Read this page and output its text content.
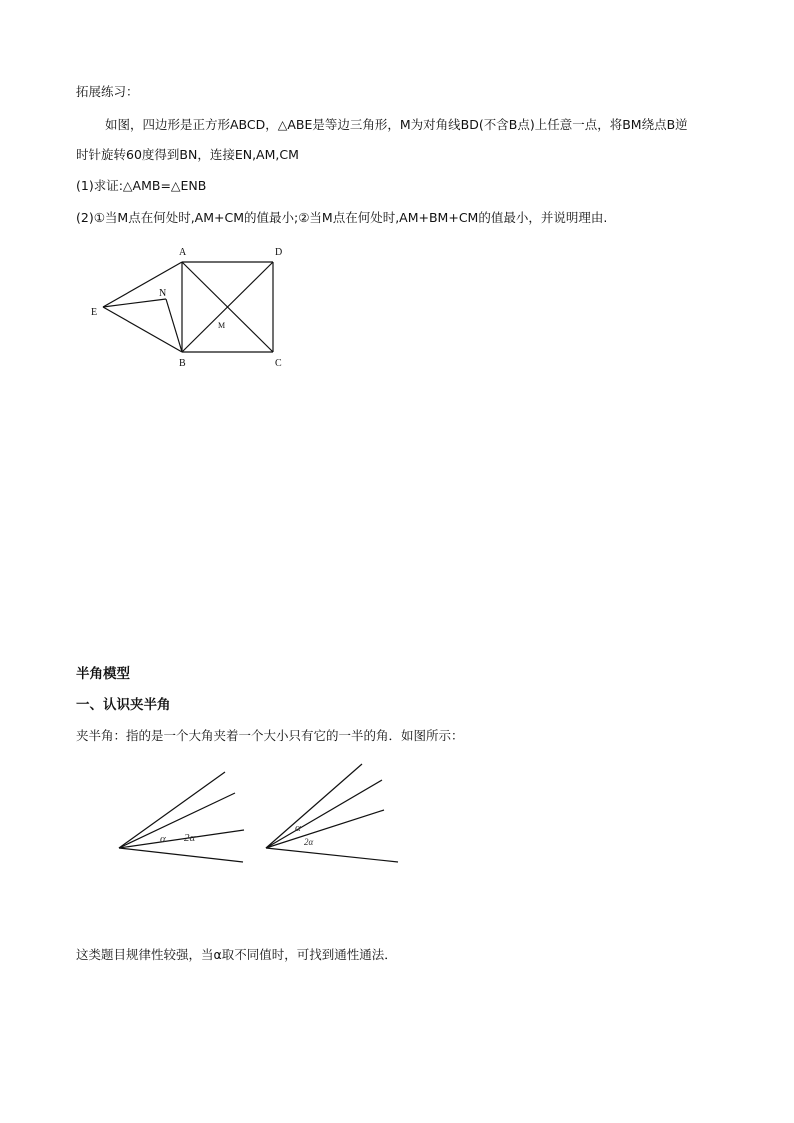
拓展练习：
如图，四边形是正方形ABCD，△ABE是等边三角形，M为对角线BD(不含B点)上任意一点，将BM绕点B逆
时针旋转60度得到BN，连接EN,AM,CM
(1)求证:△AMB=△ENB
(2)①当M点在何处时,AM+CM的值最小;②当M点在何处时,AM+BM+CM的值最小，并说明理由.
A	D
B	C
E
N
M
半角模型
一、认识夹半角
夹半角：指的是一个大角夹着一个大小只有它的一半的角．如图所示：
α 2α
α
2α
这类题目规律性较强，当α取不同值时，可找到通性通法．
